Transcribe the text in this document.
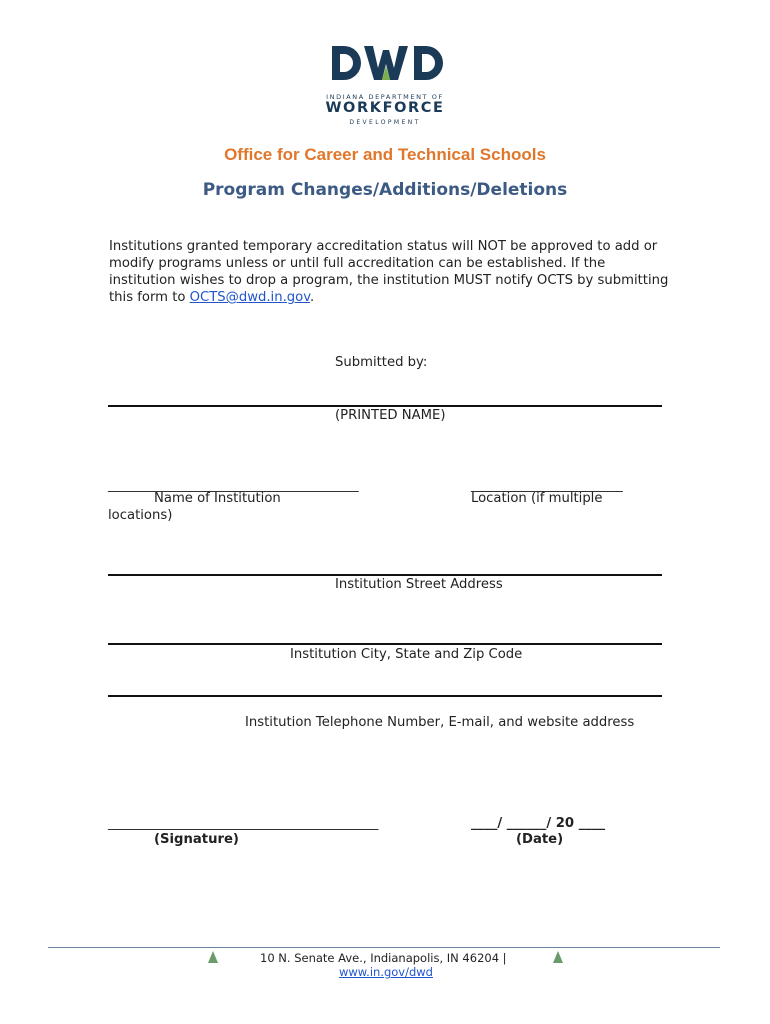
INDIANA DEPARTMENT OF
WORKFORCE
DEVELOPMENT
Office for Career and Technical Schools
Program Changes/Additions/Deletions
Institutions granted temporary accreditation status will NOT be approved to add or modify programs unless or until full accreditation can be established. If the institution wishes to drop a program, the institution MUST notify OCTS by submitting this form to OCTS@dwd.in.gov.
Submitted by:
(PRINTED NAME)
______________________________________	_______________________
Name of Institution	Location (if multiple
locations)
Institution Street Address
Institution City, State and Zip Code
Institution Telephone Number, E-mail, and website address
_________________________________________	____/ ______/ 20 ____
(Signature)	(Date)
10 N. Senate Ave., Indianapolis, IN 46204 |
www.in.gov/dwd
